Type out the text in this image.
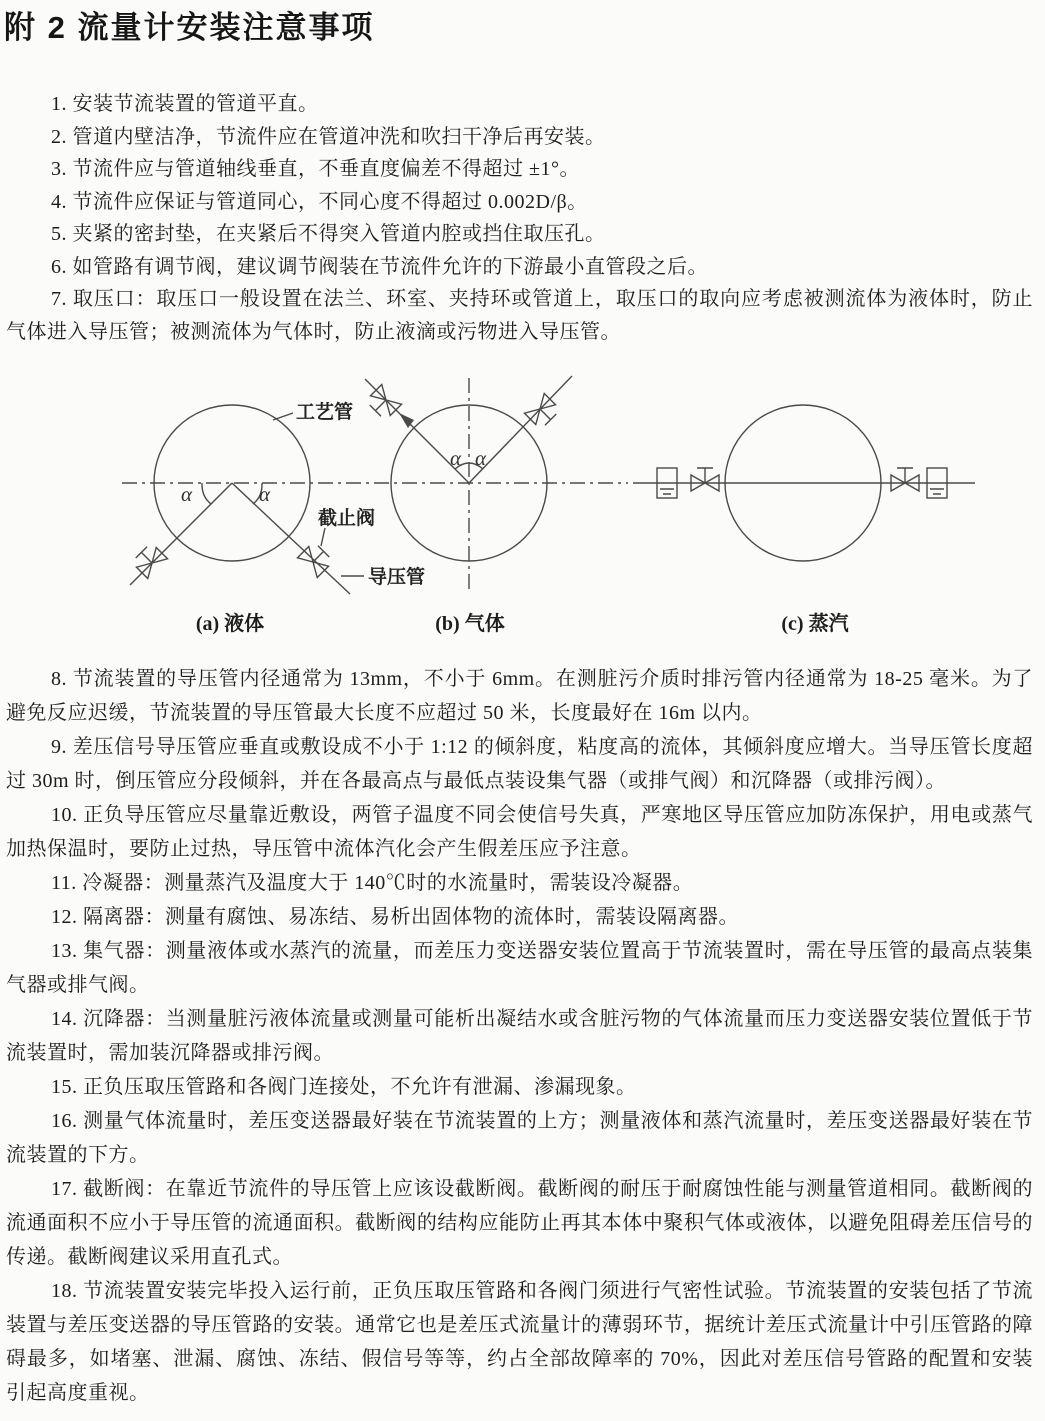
附 2 流量计安装注意事项

1. 安装节流装置的管道平直。

2. 管道内壁洁净，节流件应在管道冲洗和吹扫干净后再安装。

3. 节流件应与管道轴线垂直，不垂直度偏差不得超过 ±1°。

4. 节流件应保证与管道同心，不同心度不得超过 0.002D/β。

5. 夹紧的密封垫，在夹紧后不得突入管道内腔或挡住取压孔。

6. 如管路有调节阀，建议调节阀装在节流件允许的下游最小直管段之后。

7. 取压口：取压口一般设置在法兰、环室、夹持环或管道上，取压口的取向应考虑被测流体为液体时，防止气体进入导压管；被测流体为气体时，防止液滴或污物进入导压管。

α	α
工艺管
截止阀
导压管
(a) 液体
α α
(b) 气体	(c) 蒸汽

8. 节流装置的导压管内径通常为 13mm，不小于 6mm。在测脏污介质时排污管内径通常为 18-25 毫米。为了避免反应迟缓，节流装置的导压管最大长度不应超过 50 米，长度最好在 16m 以内。

9. 差压信号导压管应垂直或敷设成不小于 1:12 的倾斜度，粘度高的流体，其倾斜度应增大。当导压管长度超过 30m 时，倒压管应分段倾斜，并在各最高点与最低点装设集气器（或排气阀）和沉降器（或排污阀）。

10. 正负导压管应尽量靠近敷设，两管子温度不同会使信号失真，严寒地区导压管应加防冻保护，用电或蒸气加热保温时，要防止过热，导压管中流体汽化会产生假差压应予注意。

11. 冷凝器：测量蒸汽及温度大于 140℃时的水流量时，需装设冷凝器。

12. 隔离器：测量有腐蚀、易冻结、易析出固体物的流体时，需装设隔离器。

13. 集气器：测量液体或水蒸汽的流量，而差压力变送器安装位置高于节流装置时，需在导压管的最高点装集气器或排气阀。

14. 沉降器：当测量脏污液体流量或测量可能析出凝结水或含脏污物的气体流量而压力变送器安装位置低于节流装置时，需加装沉降器或排污阀。

15. 正负压取压管路和各阀门连接处，不允许有泄漏、渗漏现象。

16. 测量气体流量时，差压变送器最好装在节流装置的上方；测量液体和蒸汽流量时，差压变送器最好装在节流装置的下方。

17. 截断阀：在靠近节流件的导压管上应该设截断阀。截断阀的耐压于耐腐蚀性能与测量管道相同。截断阀的流通面积不应小于导压管的流通面积。截断阀的结构应能防止再其本体中聚积气体或液体，以避免阻碍差压信号的传递。截断阀建议采用直孔式。

18. 节流装置安装完毕投入运行前，正负压取压管路和各阀门须进行气密性试验。节流装置的安装包括了节流装置与差压变送器的导压管路的安装。通常它也是差压式流量计的薄弱环节，据统计差压式流量计中引压管路的障碍最多，如堵塞、泄漏、腐蚀、冻结、假信号等等，约占全部故障率的 70%，因此对差压信号管路的配置和安装引起高度重视。
